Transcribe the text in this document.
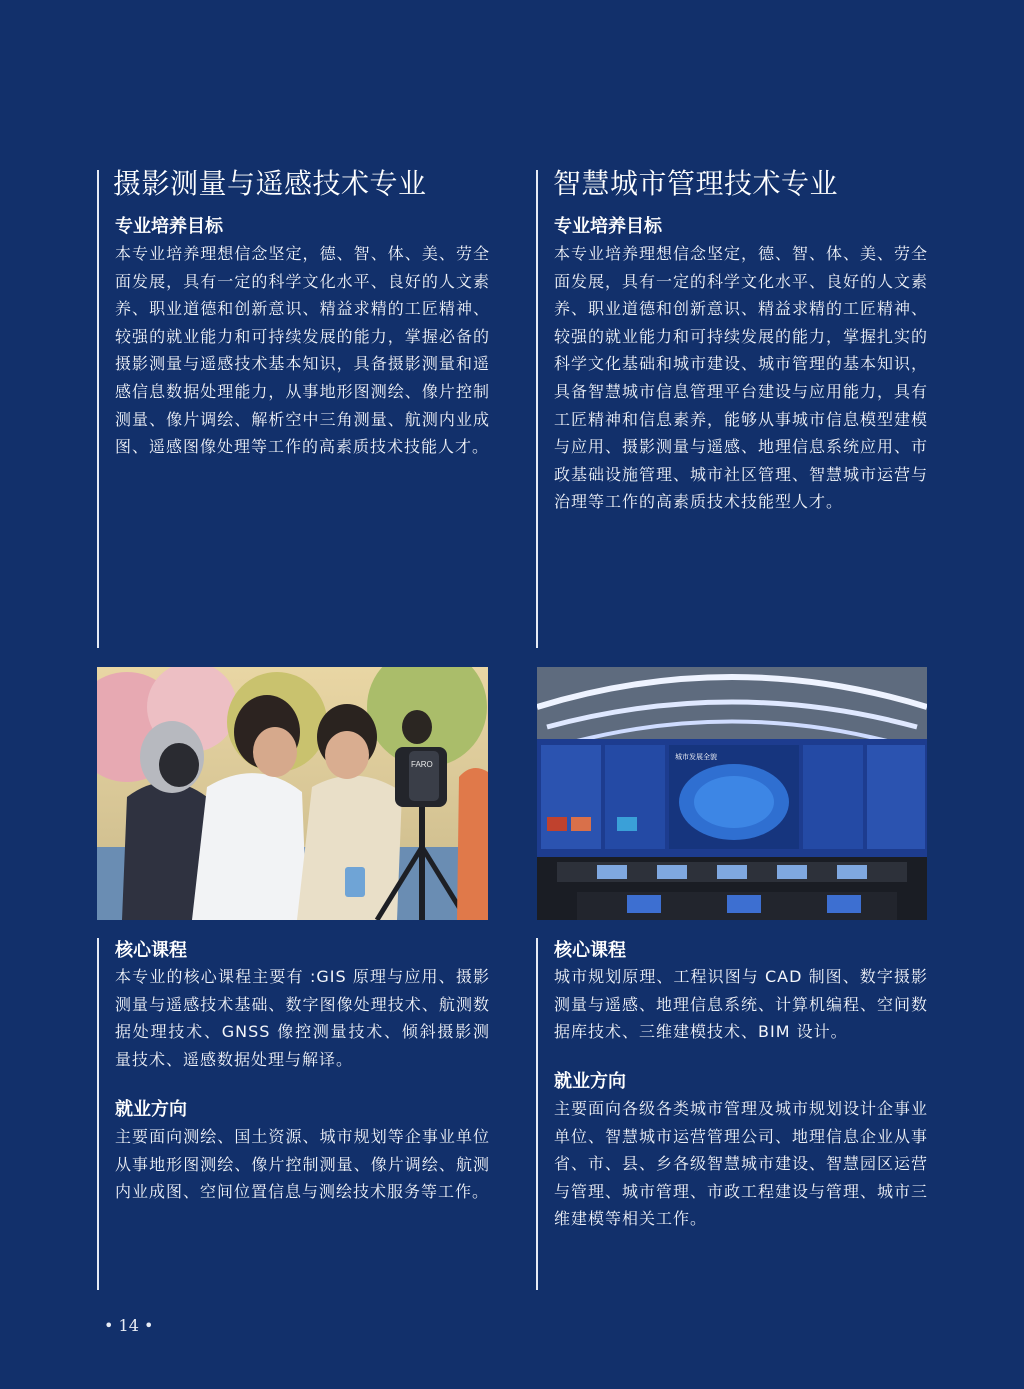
摄影测量与遥感技术专业
专业培养目标

本专业培养理想信念坚定，德、智、体、美、劳全面发展，具有一定的科学文化水平、良好的人文素养、职业道德和创新意识、精益求精的工匠精神、较强的就业能力和可持续发展的能力，掌握必备的摄影测量与遥感技术基本知识，具备摄影测量和遥感信息数据处理能力，从事地形图测绘、像片控制测量、像片调绘、解析空中三角测量、航测内业成图、遥感图像处理等工作的高素质技术技能人才。

FARO
核心课程

本专业的核心课程主要有 :GIS 原理与应用、摄影测量与遥感技术基础、数字图像处理技术、航测数据处理技术、GNSS 像控测量技术、倾斜摄影测量技术、遥感数据处理与解译。

就业方向

主要面向测绘、国土资源、城市规划等企事业单位从事地形图测绘、像片控制测量、像片调绘、航测内业成图、空间位置信息与测绘技术服务等工作。

智慧城市管理技术专业
专业培养目标

本专业培养理想信念坚定，德、智、体、美、劳全面发展，具有一定的科学文化水平、良好的人文素养、职业道德和创新意识、精益求精的工匠精神、较强的就业能力和可持续发展的能力，掌握扎实的科学文化基础和城市建设、城市管理的基本知识，具备智慧城市信息管理平台建设与应用能力，具有工匠精神和信息素养，能够从事城市信息模型建模与应用、摄影测量与遥感、地理信息系统应用、市政基础设施管理、城市社区管理、智慧城市运营与治理等工作的高素质技术技能型人才。

城市发展全貌
核心课程

城市规划原理、工程识图与 CAD 制图、数字摄影测量与遥感、地理信息系统、计算机编程、空间数据库技术、三维建模技术、BIM 设计。

就业方向

主要面向各级各类城市管理及城市规划设计企事业单位、智慧城市运营管理公司、地理信息企业从事省、市、县、乡各级智慧城市建设、智慧园区运营与管理、城市管理、市政工程建设与管理、城市三维建模等相关工作。

• 14 •
